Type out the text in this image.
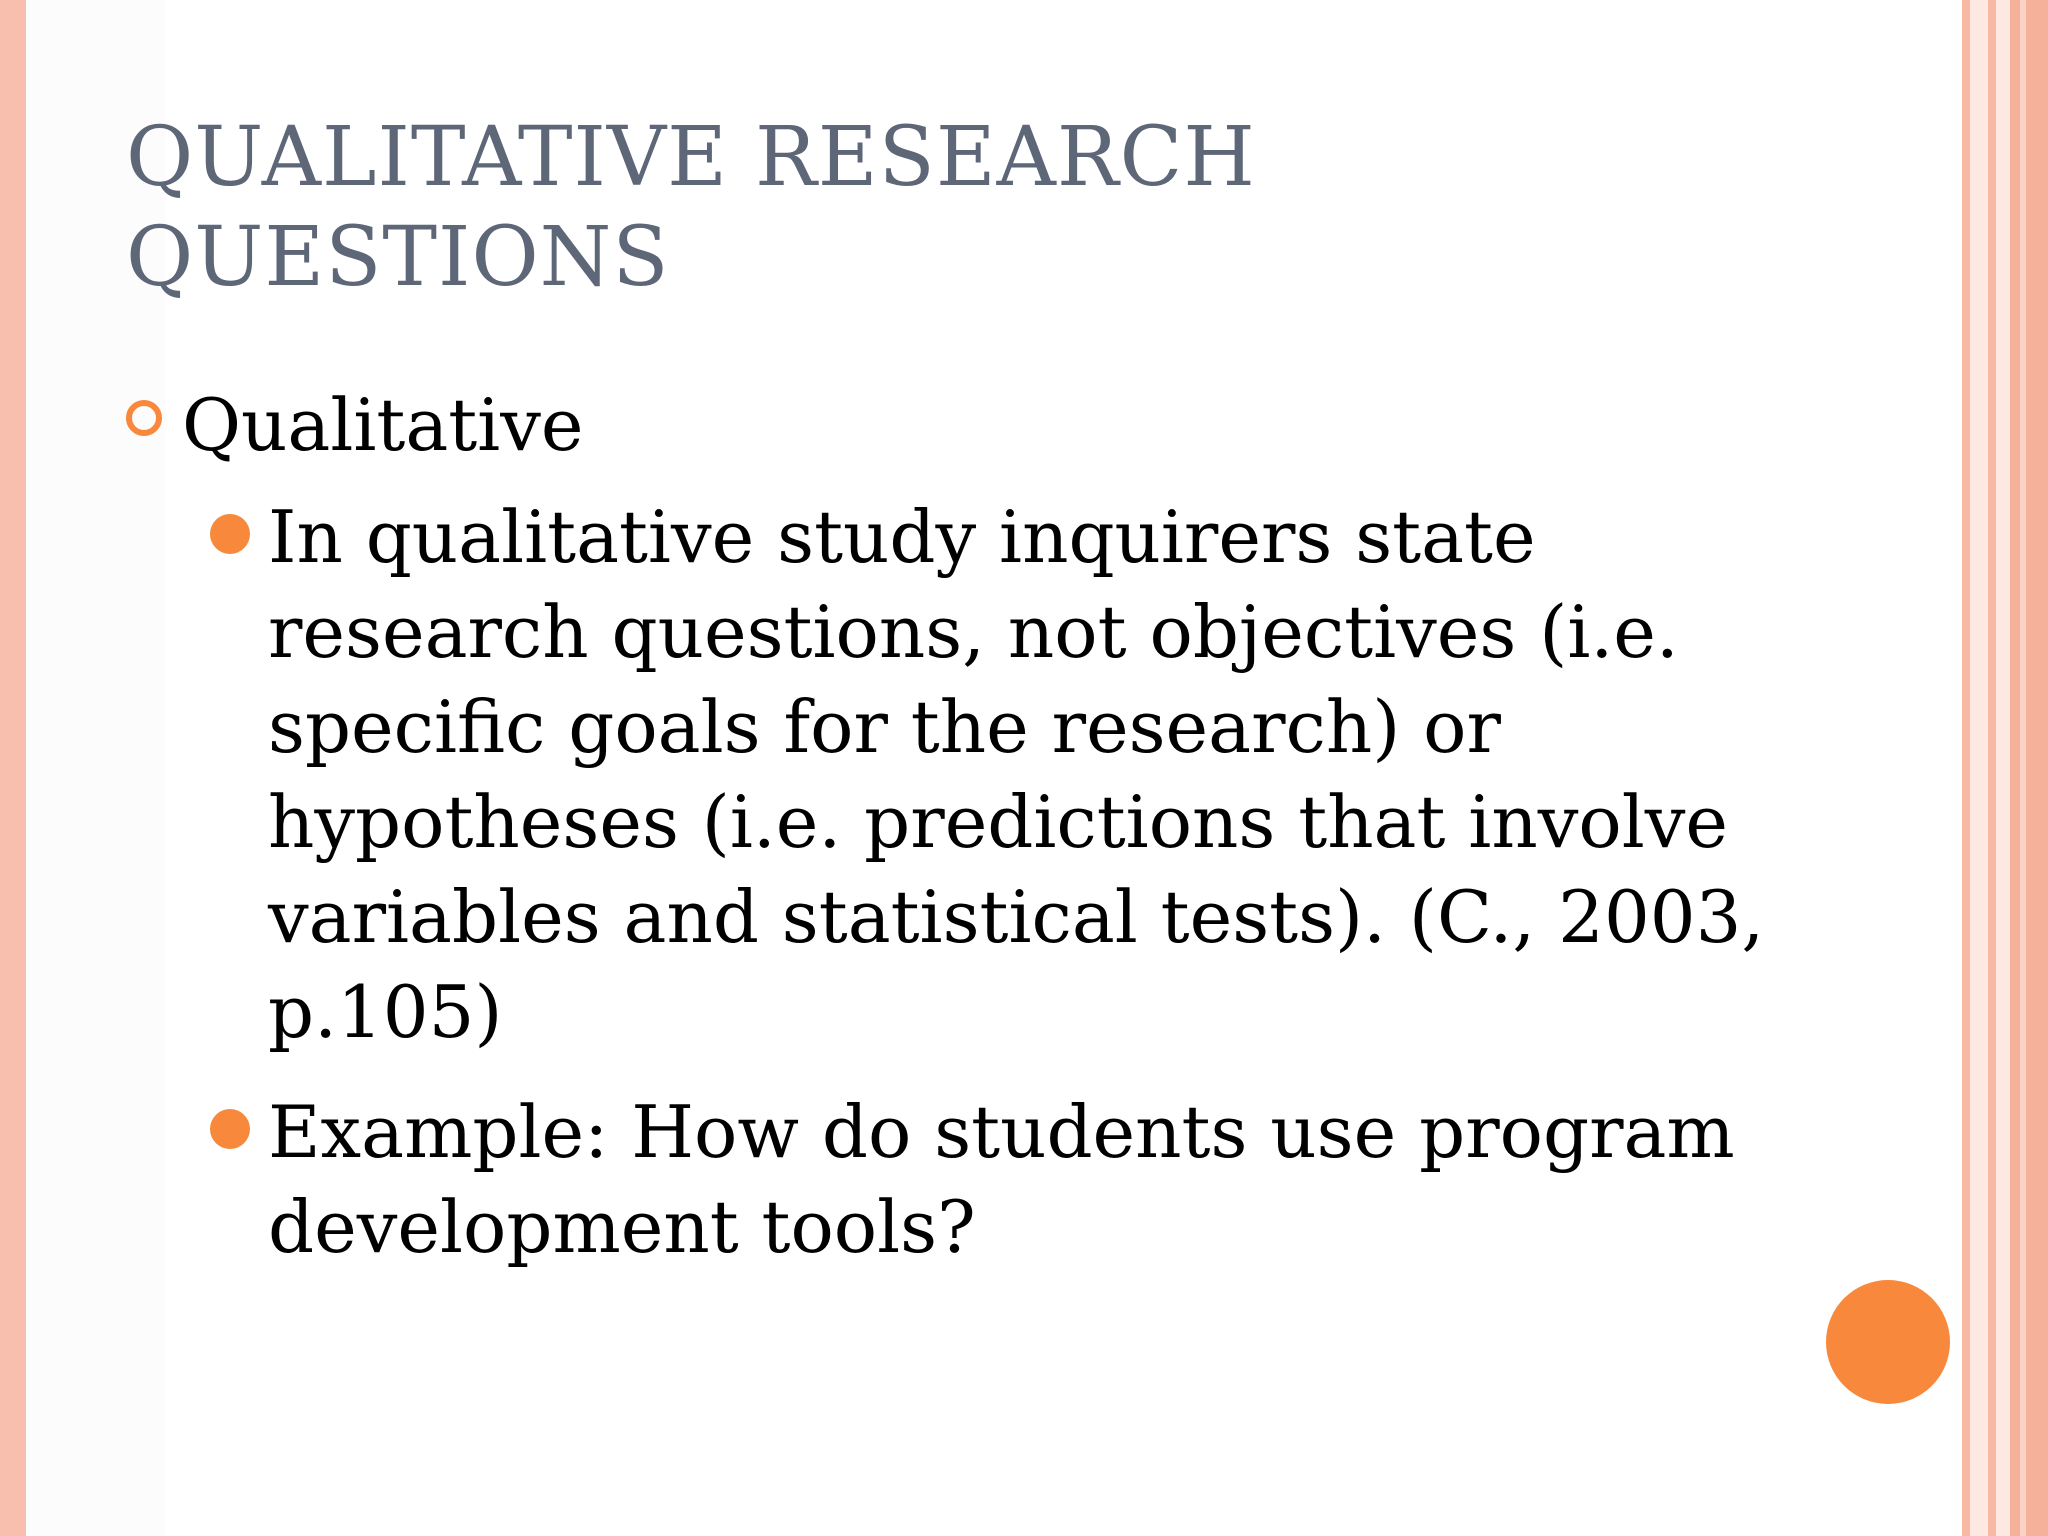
QUALITATIVE RESEARCH
QUESTIONS
Qualitative
In qualitative study inquirers state research questions, not objectives (i.e. specific goals for the research) or hypotheses (i.e. predictions that involve variables and statistical tests). (C., 2003, p.105)
Example: How do students use program development tools?
